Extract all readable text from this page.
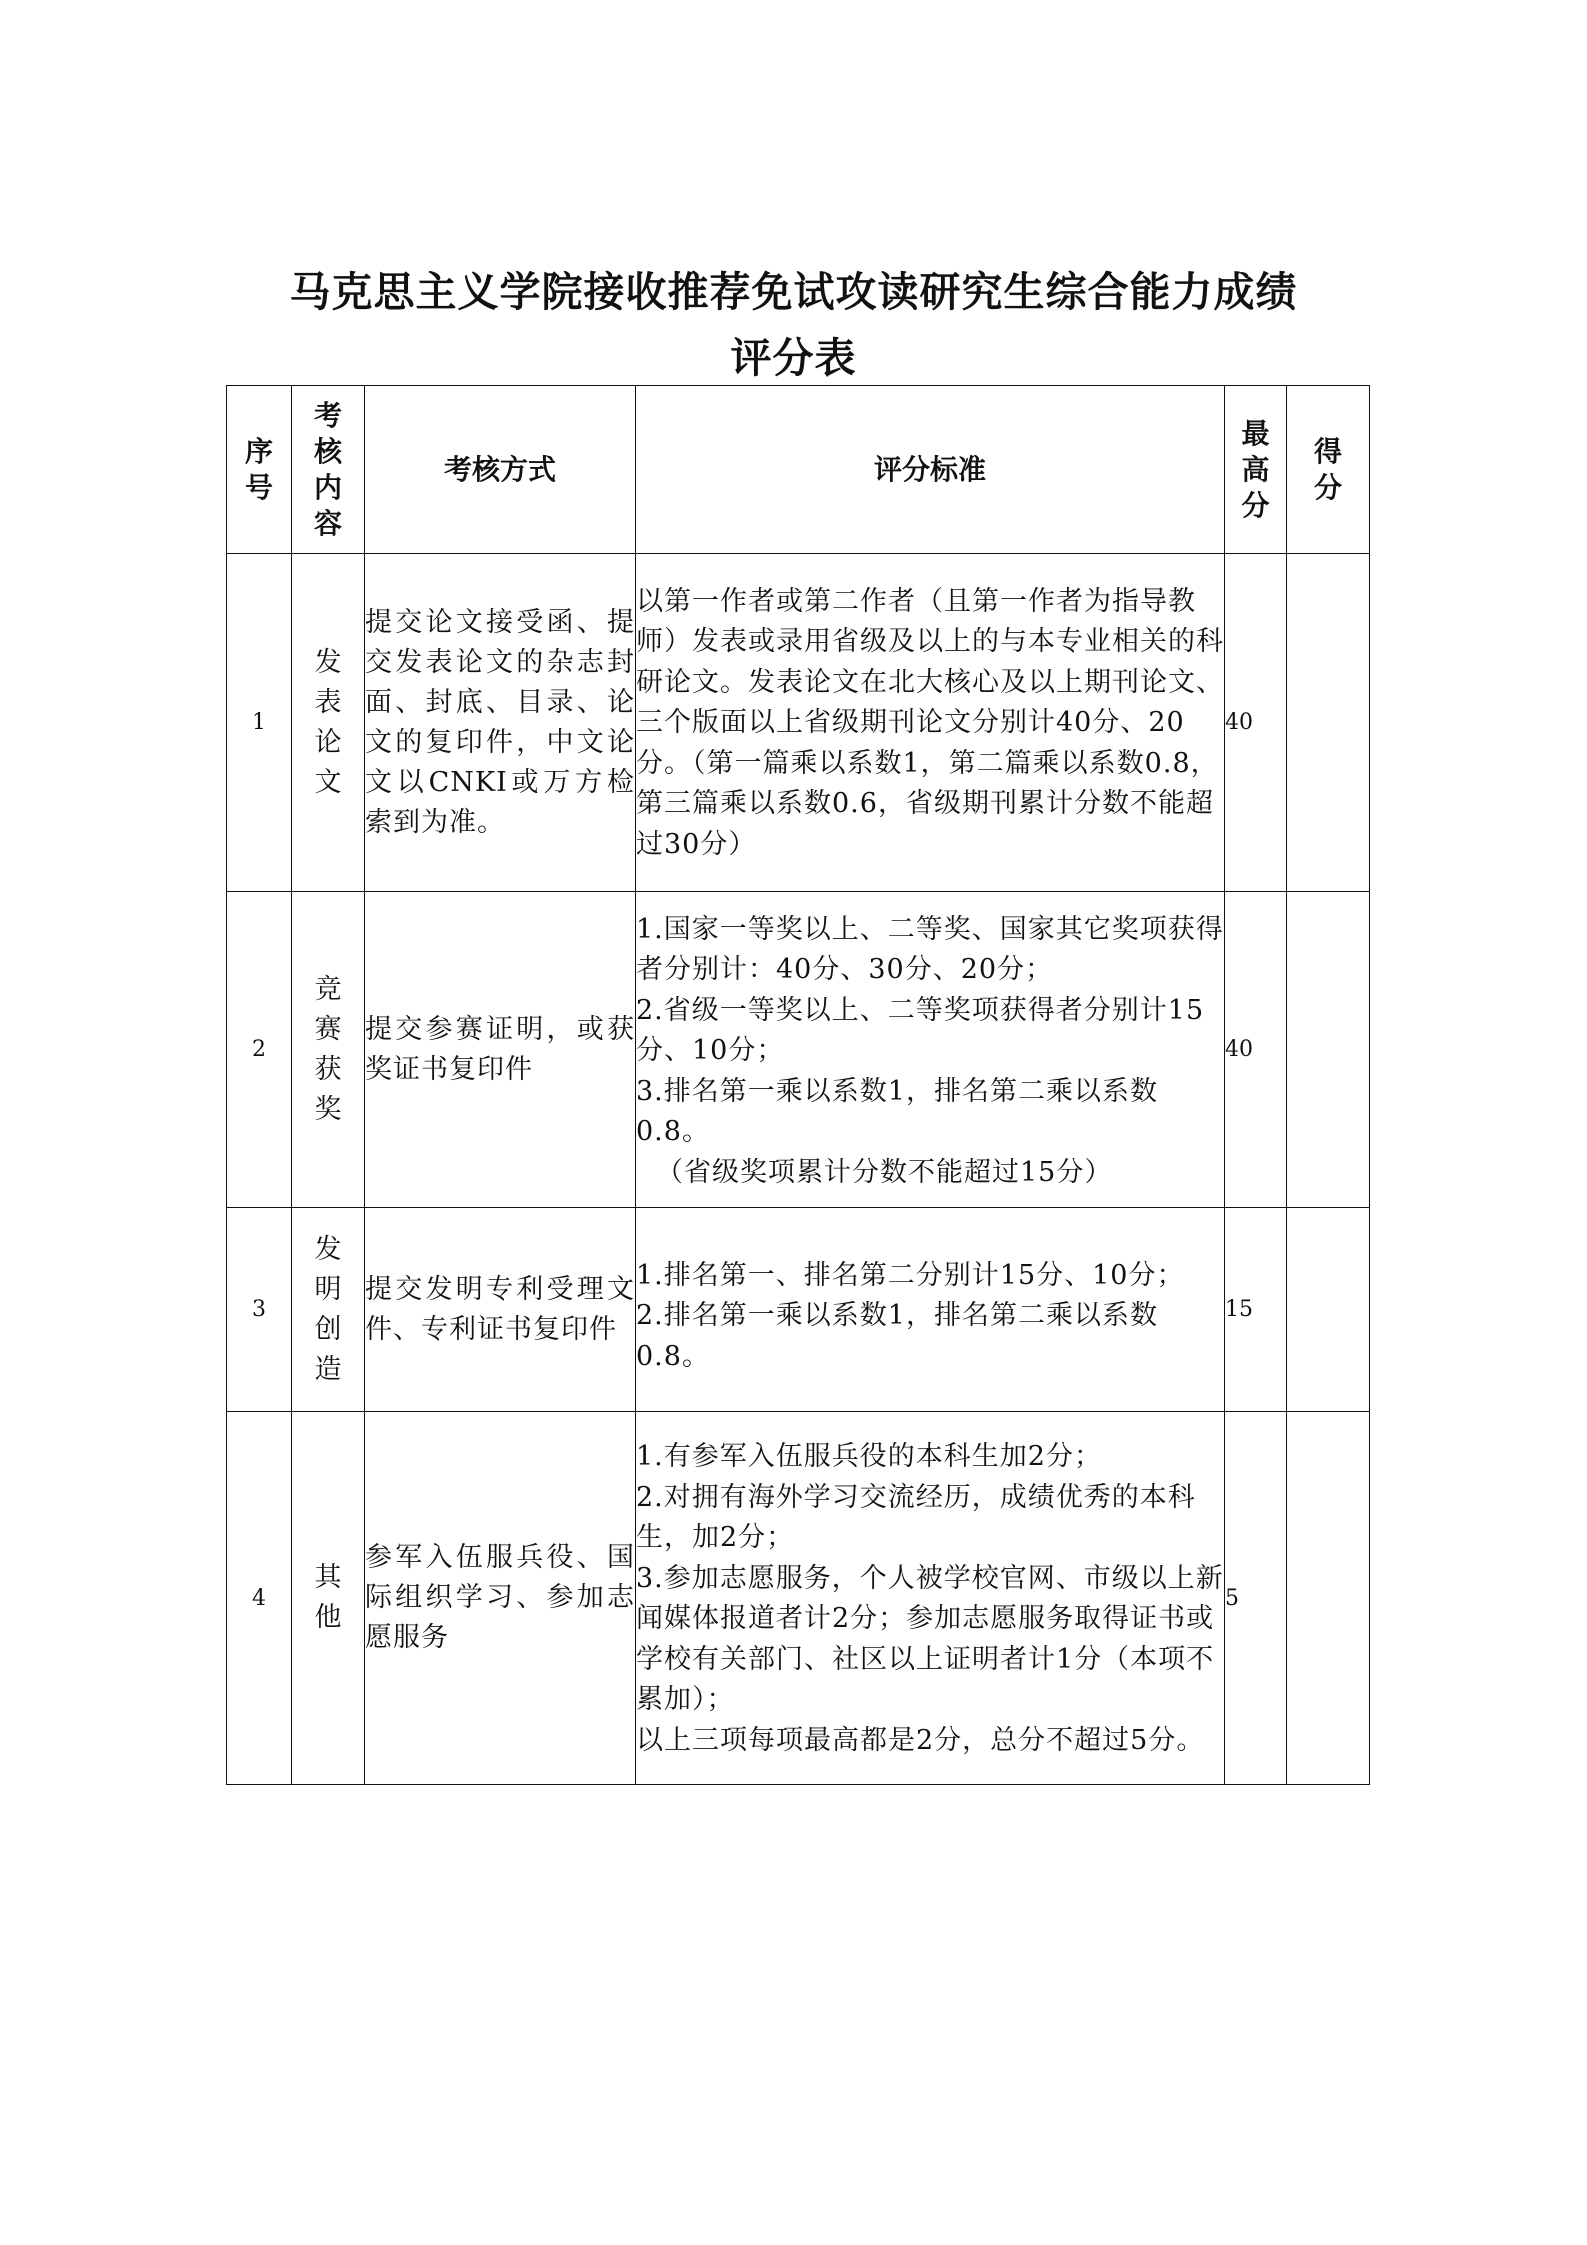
马克思主义学院接收推荐免试攻读研究生综合能力成绩
评分表
序号	考核内容	考核方式	评分标准	最高分	得分
1	发表论文	提交论文接受函、提交发表论文的杂志封面、封底、目录、论文的复印件，中文论文以CNKI或万方检索到为准。	以第一作者或第二作者（且第一作者为指导教师）发表或录用省级及以上的与本专业相关的科研论文。发表论文在北大核心及以上期刊论文、三个版面以上省级期刊论文分别计40分、20分。（第一篇乘以系数1，第二篇乘以系数0.8，第三篇乘以系数0.6，省级期刊累计分数不能超过30分）	40	
2	竞赛获奖	提交参赛证明，或获奖证书复印件	1.国家一等奖以上、二等奖、国家其它奖项获得者分别计：40分、30分、20分；
2.省级一等奖以上、二等奖项获得者分别计15分、10分；
3.排名第一乘以系数1，排名第二乘以系数0.8。
（省级奖项累计分数不能超过15分）	40	
3	发明创造	提交发明专利受理文件、专利证书复印件	1.排名第一、排名第二分别计15分、10分；
2.排名第一乘以系数1，排名第二乘以系数0.8。	15	
4	其他	参军入伍服兵役、国际组织学习、参加志愿服务	1.有参军入伍服兵役的本科生加2分；
2.对拥有海外学习交流经历，成绩优秀的本科生，加2分；
3.参加志愿服务，个人被学校官网、市级以上新闻媒体报道者计2分；参加志愿服务取得证书或学校有关部门、社区以上证明者计1分（本项不累加）；
以上三项每项最高都是2分，总分不超过5分。	5	
